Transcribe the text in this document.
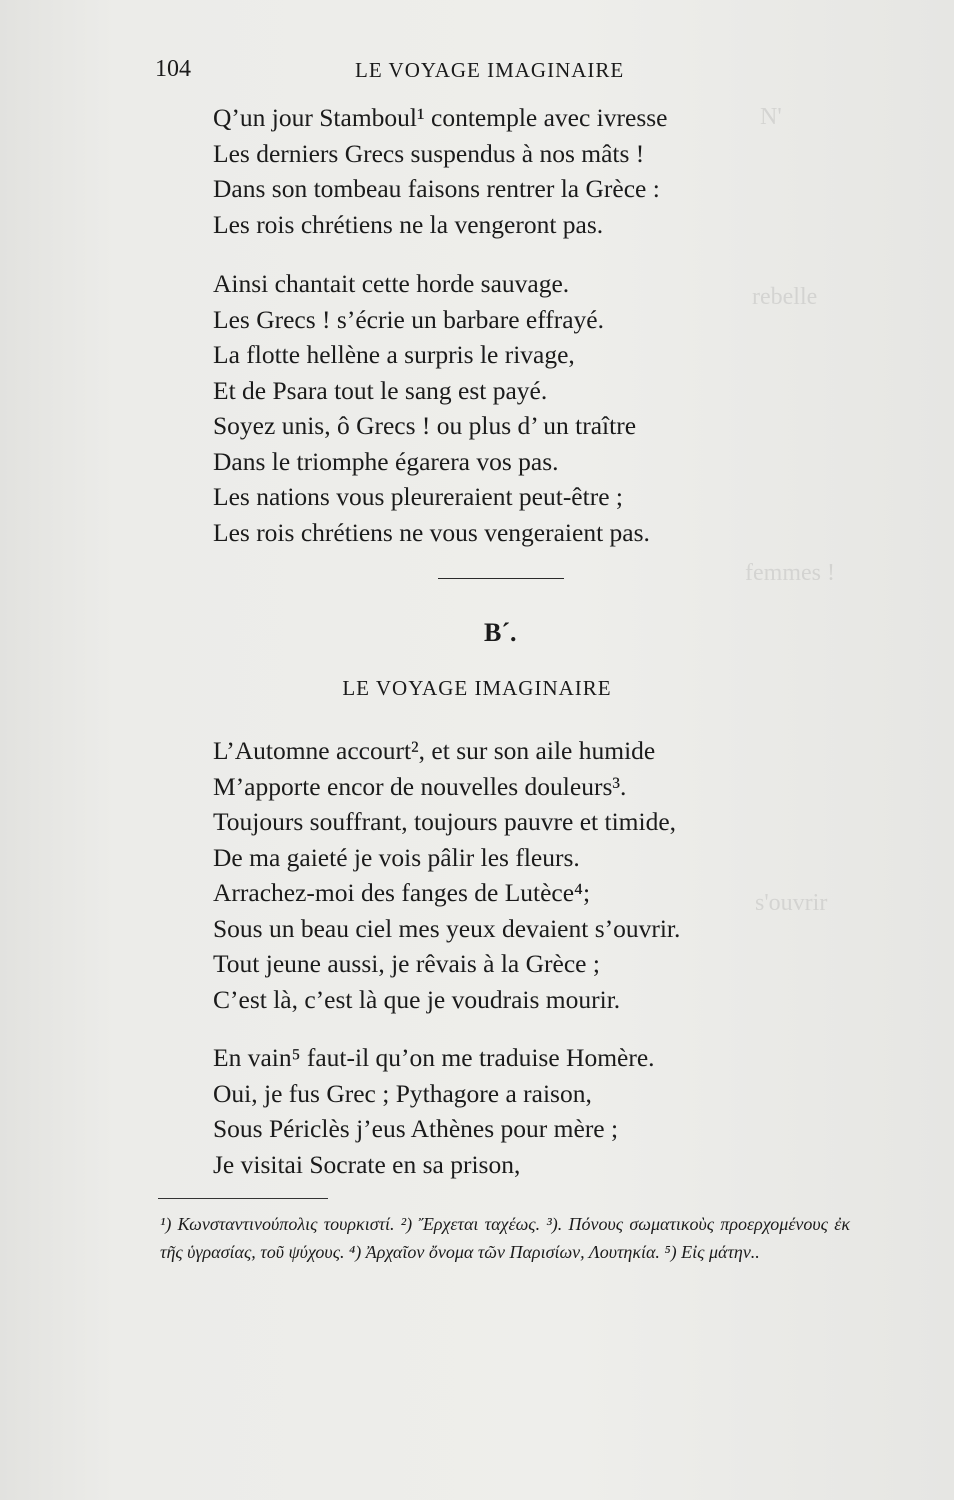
N'
rebelle
femmes !
s'ouvrir
104	LE VOYAGE IMAGINAIRE
Q’un jour Stamboul¹ contemple avec ivresse
Les derniers Grecs suspendus à nos mâts !
Dans son tombeau faisons rentrer la Grèce :
Les rois chrétiens ne la vengeront pas.
Ainsi chantait cette horde sauvage.
Les Grecs ! s’écrie un barbare effrayé.
La flotte hellène a surpris le rivage,
Et de Psara tout le sang est payé.
Soyez unis, ô Grecs ! ou plus d’ un traître
Dans le triomphe égarera vos pas.
Les nations vous pleureraient peut-être ;
Les rois chrétiens ne vous vengeraient pas.
B´.
LE VOYAGE IMAGINAIRE
L’Automne accourt², et sur son aile humide
M’apporte encor de nouvelles douleurs³.
Toujours souffrant, toujours pauvre et timide,
De ma gaieté je vois pâlir les fleurs.
Arrachez-moi des fanges de Lutèce⁴;
Sous un beau ciel mes yeux devaient s’ouvrir.
Tout jeune aussi, je rêvais à la Grèce ;
C’est là, c’est là que je voudrais mourir.
En vain⁵ faut-il qu’on me traduise Homère.
Oui, je fus Grec ; Pythagore a raison,
Sous Périclès j’eus Athènes pour mère ;
Je visitai Socrate en sa prison,
¹) Κωνσταντινούπολις τουρκιστί. ²) Ἔρχεται ταχέως. ³). Πόνους σωματικοὺς προερχομένους ἐκ τῆς ὑγρασίας, τοῦ ψύχους. ⁴) Ἀρχαῖον ὄνομα τῶν Παρισίων, Λουτηκία. ⁵) Εἰς μάτην..
